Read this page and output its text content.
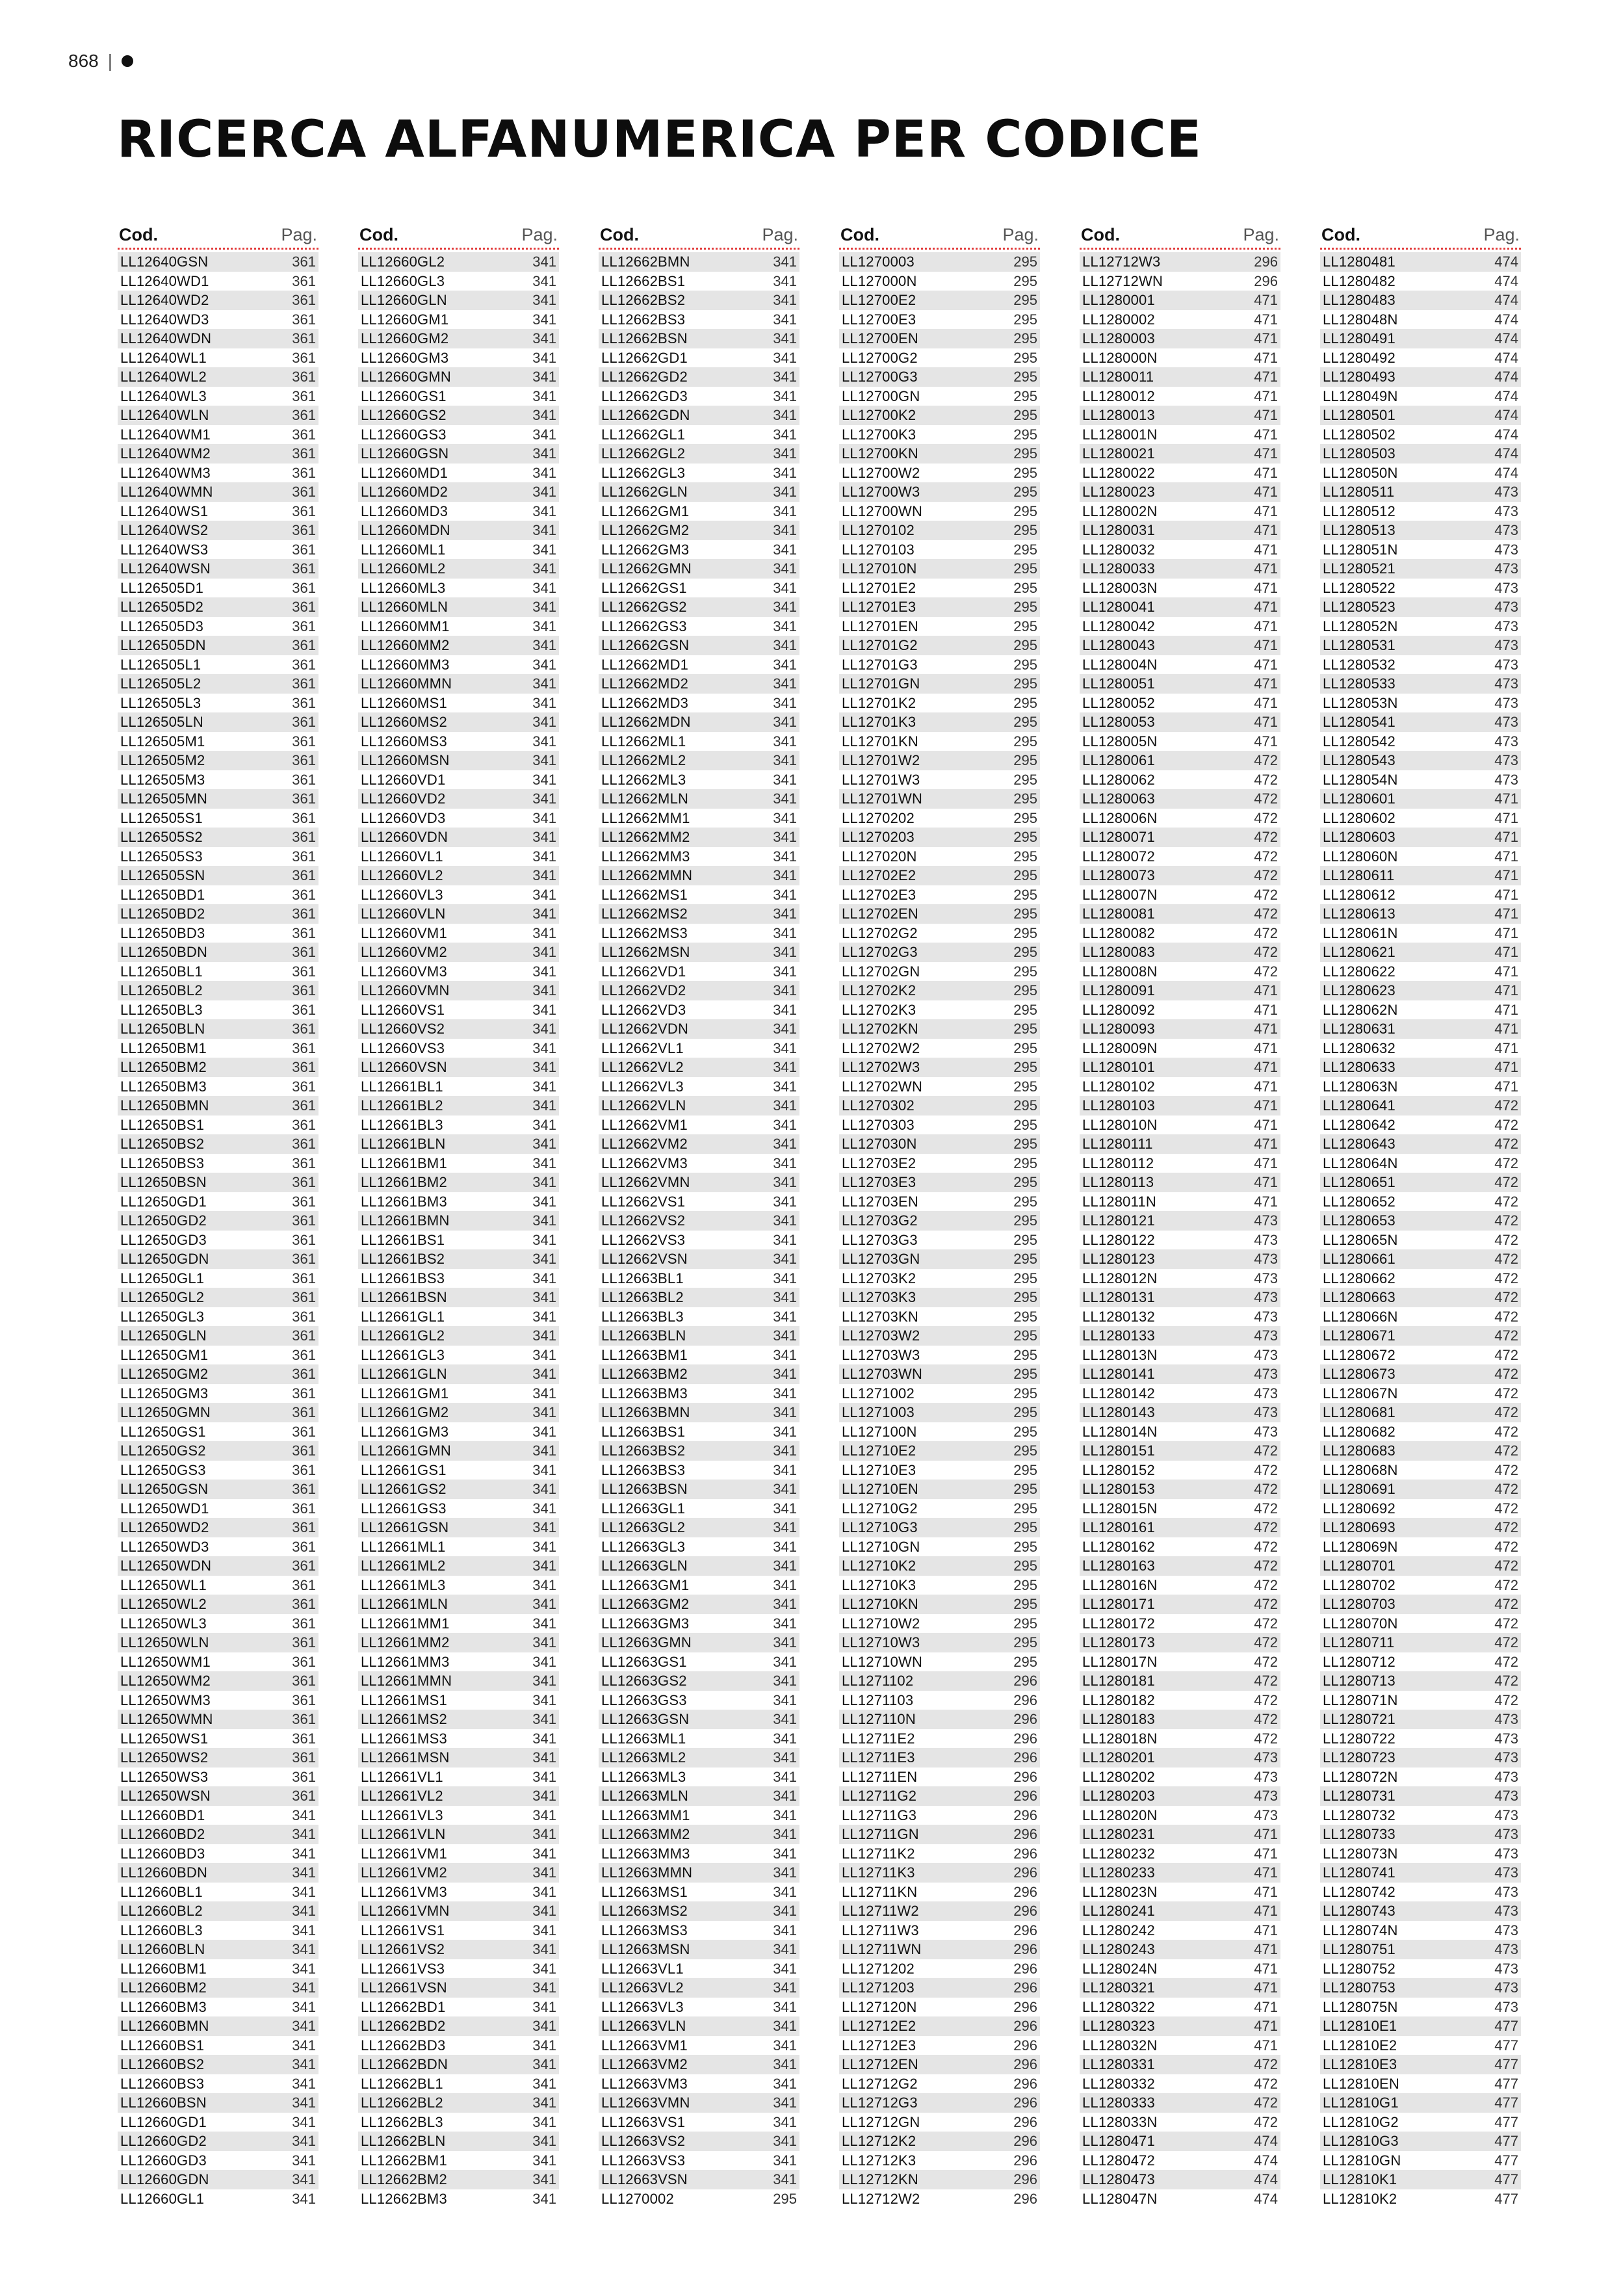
868 |
RICERCA ALFANUMERICA PER CODICE
Cod.	Pag.
LL12640GSN	361
LL12640WD1	361
LL12640WD2	361
LL12640WD3	361
LL12640WDN	361
LL12640WL1	361
LL12640WL2	361
LL12640WL3	361
LL12640WLN	361
LL12640WM1	361
LL12640WM2	361
LL12640WM3	361
LL12640WMN	361
LL12640WS1	361
LL12640WS2	361
LL12640WS3	361
LL12640WSN	361
LL126505D1	361
LL126505D2	361
LL126505D3	361
LL126505DN	361
LL126505L1	361
LL126505L2	361
LL126505L3	361
LL126505LN	361
LL126505M1	361
LL126505M2	361
LL126505M3	361
LL126505MN	361
LL126505S1	361
LL126505S2	361
LL126505S3	361
LL126505SN	361
LL12650BD1	361
LL12650BD2	361
LL12650BD3	361
LL12650BDN	361
LL12650BL1	361
LL12650BL2	361
LL12650BL3	361
LL12650BLN	361
LL12650BM1	361
LL12650BM2	361
LL12650BM3	361
LL12650BMN	361
LL12650BS1	361
LL12650BS2	361
LL12650BS3	361
LL12650BSN	361
LL12650GD1	361
LL12650GD2	361
LL12650GD3	361
LL12650GDN	361
LL12650GL1	361
LL12650GL2	361
LL12650GL3	361
LL12650GLN	361
LL12650GM1	361
LL12650GM2	361
LL12650GM3	361
LL12650GMN	361
LL12650GS1	361
LL12650GS2	361
LL12650GS3	361
LL12650GSN	361
LL12650WD1	361
LL12650WD2	361
LL12650WD3	361
LL12650WDN	361
LL12650WL1	361
LL12650WL2	361
LL12650WL3	361
LL12650WLN	361
LL12650WM1	361
LL12650WM2	361
LL12650WM3	361
LL12650WMN	361
LL12650WS1	361
LL12650WS2	361
LL12650WS3	361
LL12650WSN	361
LL12660BD1	341
LL12660BD2	341
LL12660BD3	341
LL12660BDN	341
LL12660BL1	341
LL12660BL2	341
LL12660BL3	341
LL12660BLN	341
LL12660BM1	341
LL12660BM2	341
LL12660BM3	341
LL12660BMN	341
LL12660BS1	341
LL12660BS2	341
LL12660BS3	341
LL12660BSN	341
LL12660GD1	341
LL12660GD2	341
LL12660GD3	341
LL12660GDN	341
LL12660GL1	341
Cod.	Pag.
LL12660GL2	341
LL12660GL3	341
LL12660GLN	341
LL12660GM1	341
LL12660GM2	341
LL12660GM3	341
LL12660GMN	341
LL12660GS1	341
LL12660GS2	341
LL12660GS3	341
LL12660GSN	341
LL12660MD1	341
LL12660MD2	341
LL12660MD3	341
LL12660MDN	341
LL12660ML1	341
LL12660ML2	341
LL12660ML3	341
LL12660MLN	341
LL12660MM1	341
LL12660MM2	341
LL12660MM3	341
LL12660MMN	341
LL12660MS1	341
LL12660MS2	341
LL12660MS3	341
LL12660MSN	341
LL12660VD1	341
LL12660VD2	341
LL12660VD3	341
LL12660VDN	341
LL12660VL1	341
LL12660VL2	341
LL12660VL3	341
LL12660VLN	341
LL12660VM1	341
LL12660VM2	341
LL12660VM3	341
LL12660VMN	341
LL12660VS1	341
LL12660VS2	341
LL12660VS3	341
LL12660VSN	341
LL12661BL1	341
LL12661BL2	341
LL12661BL3	341
LL12661BLN	341
LL12661BM1	341
LL12661BM2	341
LL12661BM3	341
LL12661BMN	341
LL12661BS1	341
LL12661BS2	341
LL12661BS3	341
LL12661BSN	341
LL12661GL1	341
LL12661GL2	341
LL12661GL3	341
LL12661GLN	341
LL12661GM1	341
LL12661GM2	341
LL12661GM3	341
LL12661GMN	341
LL12661GS1	341
LL12661GS2	341
LL12661GS3	341
LL12661GSN	341
LL12661ML1	341
LL12661ML2	341
LL12661ML3	341
LL12661MLN	341
LL12661MM1	341
LL12661MM2	341
LL12661MM3	341
LL12661MMN	341
LL12661MS1	341
LL12661MS2	341
LL12661MS3	341
LL12661MSN	341
LL12661VL1	341
LL12661VL2	341
LL12661VL3	341
LL12661VLN	341
LL12661VM1	341
LL12661VM2	341
LL12661VM3	341
LL12661VMN	341
LL12661VS1	341
LL12661VS2	341
LL12661VS3	341
LL12661VSN	341
LL12662BD1	341
LL12662BD2	341
LL12662BD3	341
LL12662BDN	341
LL12662BL1	341
LL12662BL2	341
LL12662BL3	341
LL12662BLN	341
LL12662BM1	341
LL12662BM2	341
LL12662BM3	341
Cod.	Pag.
LL12662BMN	341
LL12662BS1	341
LL12662BS2	341
LL12662BS3	341
LL12662BSN	341
LL12662GD1	341
LL12662GD2	341
LL12662GD3	341
LL12662GDN	341
LL12662GL1	341
LL12662GL2	341
LL12662GL3	341
LL12662GLN	341
LL12662GM1	341
LL12662GM2	341
LL12662GM3	341
LL12662GMN	341
LL12662GS1	341
LL12662GS2	341
LL12662GS3	341
LL12662GSN	341
LL12662MD1	341
LL12662MD2	341
LL12662MD3	341
LL12662MDN	341
LL12662ML1	341
LL12662ML2	341
LL12662ML3	341
LL12662MLN	341
LL12662MM1	341
LL12662MM2	341
LL12662MM3	341
LL12662MMN	341
LL12662MS1	341
LL12662MS2	341
LL12662MS3	341
LL12662MSN	341
LL12662VD1	341
LL12662VD2	341
LL12662VD3	341
LL12662VDN	341
LL12662VL1	341
LL12662VL2	341
LL12662VL3	341
LL12662VLN	341
LL12662VM1	341
LL12662VM2	341
LL12662VM3	341
LL12662VMN	341
LL12662VS1	341
LL12662VS2	341
LL12662VS3	341
LL12662VSN	341
LL12663BL1	341
LL12663BL2	341
LL12663BL3	341
LL12663BLN	341
LL12663BM1	341
LL12663BM2	341
LL12663BM3	341
LL12663BMN	341
LL12663BS1	341
LL12663BS2	341
LL12663BS3	341
LL12663BSN	341
LL12663GL1	341
LL12663GL2	341
LL12663GL3	341
LL12663GLN	341
LL12663GM1	341
LL12663GM2	341
LL12663GM3	341
LL12663GMN	341
LL12663GS1	341
LL12663GS2	341
LL12663GS3	341
LL12663GSN	341
LL12663ML1	341
LL12663ML2	341
LL12663ML3	341
LL12663MLN	341
LL12663MM1	341
LL12663MM2	341
LL12663MM3	341
LL12663MMN	341
LL12663MS1	341
LL12663MS2	341
LL12663MS3	341
LL12663MSN	341
LL12663VL1	341
LL12663VL2	341
LL12663VL3	341
LL12663VLN	341
LL12663VM1	341
LL12663VM2	341
LL12663VM3	341
LL12663VMN	341
LL12663VS1	341
LL12663VS2	341
LL12663VS3	341
LL12663VSN	341
LL1270002	295
Cod.	Pag.
LL1270003	295
LL127000N	295
LL12700E2	295
LL12700E3	295
LL12700EN	295
LL12700G2	295
LL12700G3	295
LL12700GN	295
LL12700K2	295
LL12700K3	295
LL12700KN	295
LL12700W2	295
LL12700W3	295
LL12700WN	295
LL1270102	295
LL1270103	295
LL127010N	295
LL12701E2	295
LL12701E3	295
LL12701EN	295
LL12701G2	295
LL12701G3	295
LL12701GN	295
LL12701K2	295
LL12701K3	295
LL12701KN	295
LL12701W2	295
LL12701W3	295
LL12701WN	295
LL1270202	295
LL1270203	295
LL127020N	295
LL12702E2	295
LL12702E3	295
LL12702EN	295
LL12702G2	295
LL12702G3	295
LL12702GN	295
LL12702K2	295
LL12702K3	295
LL12702KN	295
LL12702W2	295
LL12702W3	295
LL12702WN	295
LL1270302	295
LL1270303	295
LL127030N	295
LL12703E2	295
LL12703E3	295
LL12703EN	295
LL12703G2	295
LL12703G3	295
LL12703GN	295
LL12703K2	295
LL12703K3	295
LL12703KN	295
LL12703W2	295
LL12703W3	295
LL12703WN	295
LL1271002	295
LL1271003	295
LL127100N	295
LL12710E2	295
LL12710E3	295
LL12710EN	295
LL12710G2	295
LL12710G3	295
LL12710GN	295
LL12710K2	295
LL12710K3	295
LL12710KN	295
LL12710W2	295
LL12710W3	295
LL12710WN	295
LL1271102	296
LL1271103	296
LL127110N	296
LL12711E2	296
LL12711E3	296
LL12711EN	296
LL12711G2	296
LL12711G3	296
LL12711GN	296
LL12711K2	296
LL12711K3	296
LL12711KN	296
LL12711W2	296
LL12711W3	296
LL12711WN	296
LL1271202	296
LL1271203	296
LL127120N	296
LL12712E2	296
LL12712E3	296
LL12712EN	296
LL12712G2	296
LL12712G3	296
LL12712GN	296
LL12712K2	296
LL12712K3	296
LL12712KN	296
LL12712W2	296
Cod.	Pag.
LL12712W3	296
LL12712WN	296
LL1280001	471
LL1280002	471
LL1280003	471
LL128000N	471
LL1280011	471
LL1280012	471
LL1280013	471
LL128001N	471
LL1280021	471
LL1280022	471
LL1280023	471
LL128002N	471
LL1280031	471
LL1280032	471
LL1280033	471
LL128003N	471
LL1280041	471
LL1280042	471
LL1280043	471
LL128004N	471
LL1280051	471
LL1280052	471
LL1280053	471
LL128005N	471
LL1280061	472
LL1280062	472
LL1280063	472
LL128006N	472
LL1280071	472
LL1280072	472
LL1280073	472
LL128007N	472
LL1280081	472
LL1280082	472
LL1280083	472
LL128008N	472
LL1280091	471
LL1280092	471
LL1280093	471
LL128009N	471
LL1280101	471
LL1280102	471
LL1280103	471
LL128010N	471
LL1280111	471
LL1280112	471
LL1280113	471
LL128011N	471
LL1280121	473
LL1280122	473
LL1280123	473
LL128012N	473
LL1280131	473
LL1280132	473
LL1280133	473
LL128013N	473
LL1280141	473
LL1280142	473
LL1280143	473
LL128014N	473
LL1280151	472
LL1280152	472
LL1280153	472
LL128015N	472
LL1280161	472
LL1280162	472
LL1280163	472
LL128016N	472
LL1280171	472
LL1280172	472
LL1280173	472
LL128017N	472
LL1280181	472
LL1280182	472
LL1280183	472
LL128018N	472
LL1280201	473
LL1280202	473
LL1280203	473
LL128020N	473
LL1280231	471
LL1280232	471
LL1280233	471
LL128023N	471
LL1280241	471
LL1280242	471
LL1280243	471
LL128024N	471
LL1280321	471
LL1280322	471
LL1280323	471
LL128032N	471
LL1280331	472
LL1280332	472
LL1280333	472
LL128033N	472
LL1280471	474
LL1280472	474
LL1280473	474
LL128047N	474
Cod.	Pag.
LL1280481	474
LL1280482	474
LL1280483	474
LL128048N	474
LL1280491	474
LL1280492	474
LL1280493	474
LL128049N	474
LL1280501	474
LL1280502	474
LL1280503	474
LL128050N	474
LL1280511	473
LL1280512	473
LL1280513	473
LL128051N	473
LL1280521	473
LL1280522	473
LL1280523	473
LL128052N	473
LL1280531	473
LL1280532	473
LL1280533	473
LL128053N	473
LL1280541	473
LL1280542	473
LL1280543	473
LL128054N	473
LL1280601	471
LL1280602	471
LL1280603	471
LL128060N	471
LL1280611	471
LL1280612	471
LL1280613	471
LL128061N	471
LL1280621	471
LL1280622	471
LL1280623	471
LL128062N	471
LL1280631	471
LL1280632	471
LL1280633	471
LL128063N	471
LL1280641	472
LL1280642	472
LL1280643	472
LL128064N	472
LL1280651	472
LL1280652	472
LL1280653	472
LL128065N	472
LL1280661	472
LL1280662	472
LL1280663	472
LL128066N	472
LL1280671	472
LL1280672	472
LL1280673	472
LL128067N	472
LL1280681	472
LL1280682	472
LL1280683	472
LL128068N	472
LL1280691	472
LL1280692	472
LL1280693	472
LL128069N	472
LL1280701	472
LL1280702	472
LL1280703	472
LL128070N	472
LL1280711	472
LL1280712	472
LL1280713	472
LL128071N	472
LL1280721	473
LL1280722	473
LL1280723	473
LL128072N	473
LL1280731	473
LL1280732	473
LL1280733	473
LL128073N	473
LL1280741	473
LL1280742	473
LL1280743	473
LL128074N	473
LL1280751	473
LL1280752	473
LL1280753	473
LL128075N	473
LL12810E1	477
LL12810E2	477
LL12810E3	477
LL12810EN	477
LL12810G1	477
LL12810G2	477
LL12810G3	477
LL12810GN	477
LL12810K1	477
LL12810K2	477
